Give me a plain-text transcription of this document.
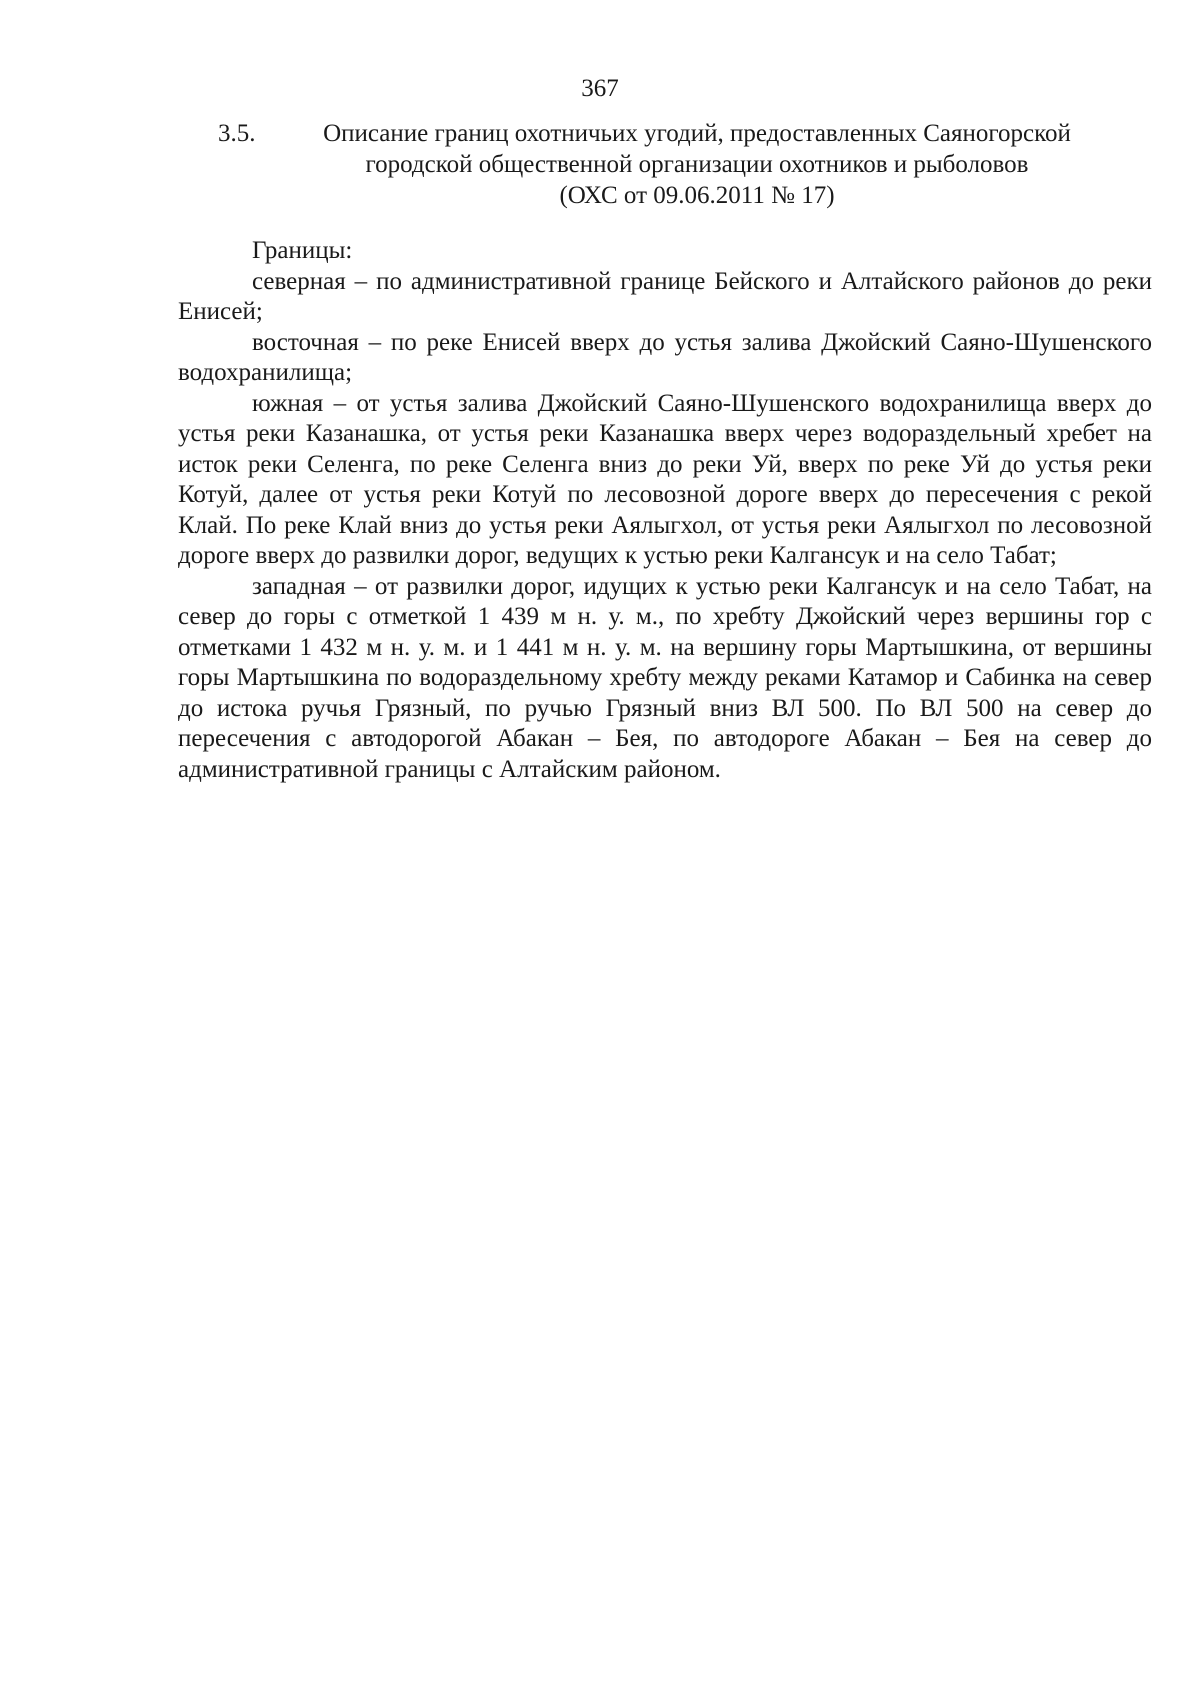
367
3.5.	Описание границ охотничьих угодий, предоставленных Саяногорской городской общественной организации охотников и рыболовов
(ОХС от 09.06.2011 № 17)

Границы:

северная – по административной границе Бейского и Алтайского районов до реки Енисей;

восточная – по реке Енисей вверх до устья залива Джойский Саяно-Шушенского водохранилища;

южная – от устья залива Джойский Саяно-Шушенского водохранилища вверх до устья реки Казанашка, от устья реки Казанашка вверх через водораздельный хребет на исток реки Селенга, по реке Селенга вниз до реки Уй, вверх по реке Уй до устья реки Котуй, далее от устья реки Котуй по лесовозной дороге вверх до пересечения с рекой Клай. По реке Клай вниз до устья реки Аялыгхол, от устья реки Аялыгхол по лесовозной дороге вверх до развилки дорог, ведущих к устью реки Калгансук и на село Табат;

западная – от развилки дорог, идущих к устью реки Калгансук и на село Табат, на север до горы с отметкой 1 439 м н. у. м., по хребту Джойский через вершины гор с отметками 1 432 м н. у. м. и 1 441 м н. у. м. на вершину горы Мартышкина, от вершины горы Мартышкина по водораздельному хребту между реками Катамор и Сабинка на север до истока ручья Грязный, по ручью Грязный вниз ВЛ 500. По ВЛ 500 на север до пересечения с автодорогой Абакан – Бея, по автодороге Абакан – Бея на север до административной границы с Алтайским районом.
